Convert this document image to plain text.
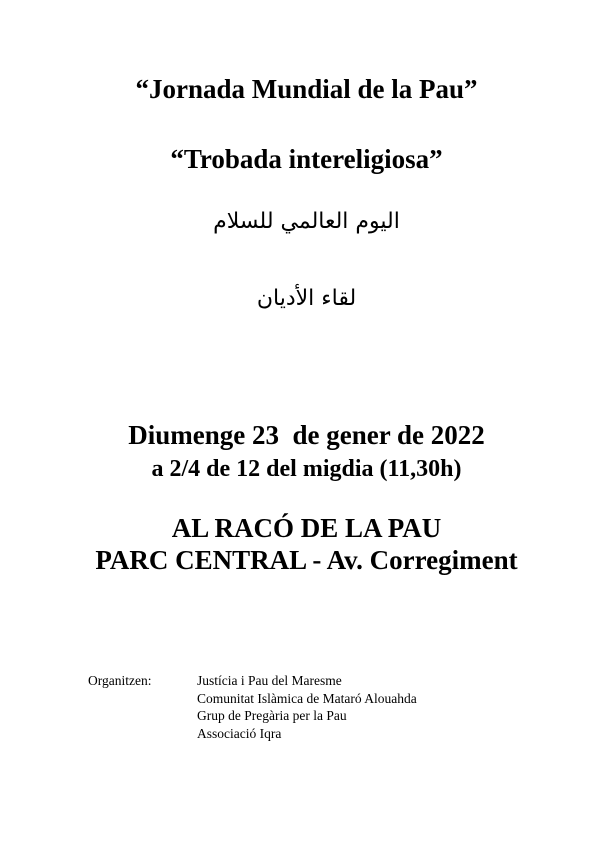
“Jornada Mundial de la Pau”
“Trobada intereligiosa”
اليوم العالمي للسلام
لقاء الأديان
Diumenge 23  de gener de 2022
a 2/4 de 12 del migdia (11,30h)
AL RACÓ DE LA PAU
PARC CENTRAL - Av. Corregiment
Organitzen:	Justícia i Pau del Maresme
Comunitat Islàmica de Mataró Alouahda
Grup de Pregària per la Pau
Associació Iqra
